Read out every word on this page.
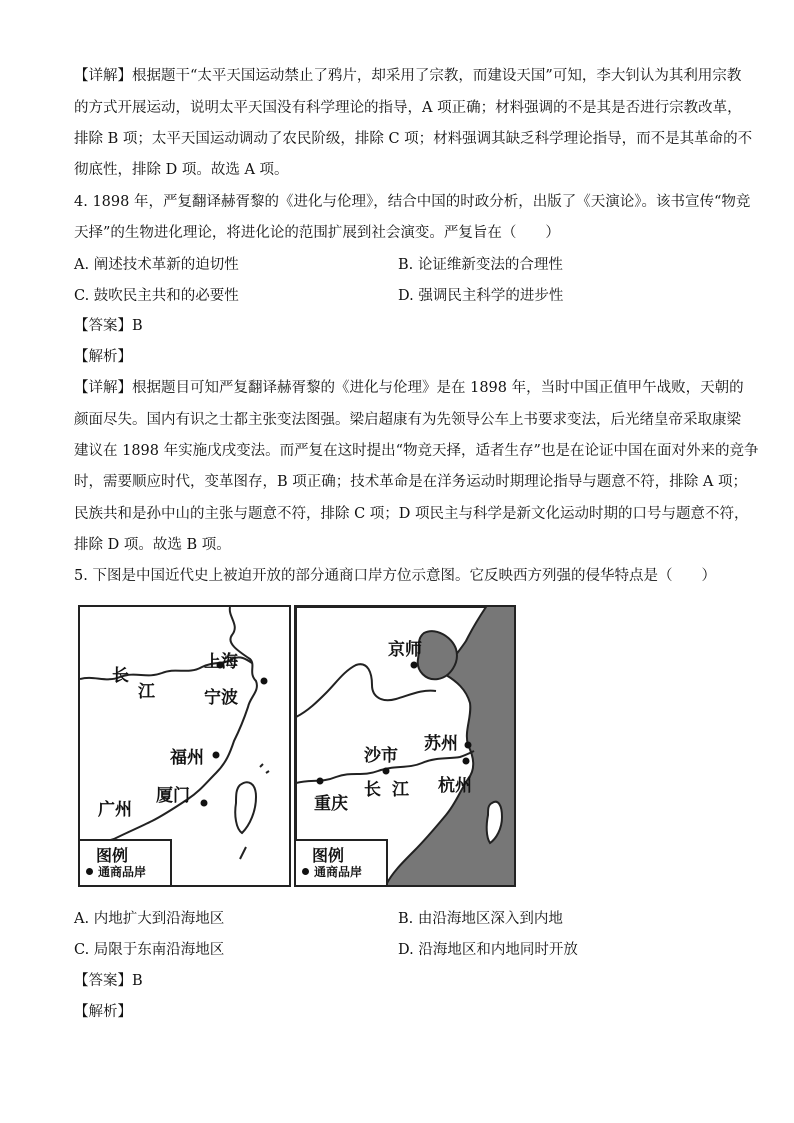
【详解】根据题干“太平天国运动禁止了鸦片，却采用了宗教，而建设天国”可知，李大钊认为其利用宗教
的方式开展运动，说明太平天国没有科学理论的指导，A 项正确；材料强调的不是其是否进行宗教改革，
排除 B 项；太平天国运动调动了农民阶级，排除 C 项；材料强调其缺乏科学理论指导，而不是其革命的不
彻底性，排除 D 项。故选 A 项。
4. 1898 年，严复翻译赫胥黎的《进化与伦理》，结合中国的时政分析，出版了《天演论》。该书宣传“物竞
天择”的生物进化理论，将进化论的范围扩展到社会演变。严复旨在（　　）
A. 阐述技术革新的迫切性	B. 论证维新变法的合理性
C. 鼓吹民主共和的必要性	D. 强调民主科学的进步性
【答案】B
【解析】
【详解】根据题目可知严复翻译赫胥黎的《进化与伦理》是在 1898 年，当时中国正值甲午战败，天朝的
颜面尽失。国内有识之士都主张变法图强。梁启超康有为先领导公车上书要求变法，后光绪皇帝采取康梁
建议在 1898 年实施戊戌变法。而严复在这时提出“物竞天择，适者生存”也是在论证中国在面对外来的竞争
时，需要顺应时代，变革图存，B 项正确；技术革命是在洋务运动时期理论指导与题意不符，排除 A 项；
民族共和是孙中山的主张与题意不符，排除 C 项；D 项民主与科学是新文化运动时期的口号与题意不符，
排除 D 项。故选 B 项。
5. 下图是中国近代史上被迫开放的部分通商口岸方位示意图。它反映西方列强的侵华特点是（　　）
上海
长
江	宁波
福州
厦门
广州
图例
通商品岸
京师
苏州
沙市
长 江 杭州
重庆
图例
通商品岸
A. 内地扩大到沿海地区	B. 由沿海地区深入到内地
C. 局限于东南沿海地区	D. 沿海地区和内地同时开放
【答案】B
【解析】
